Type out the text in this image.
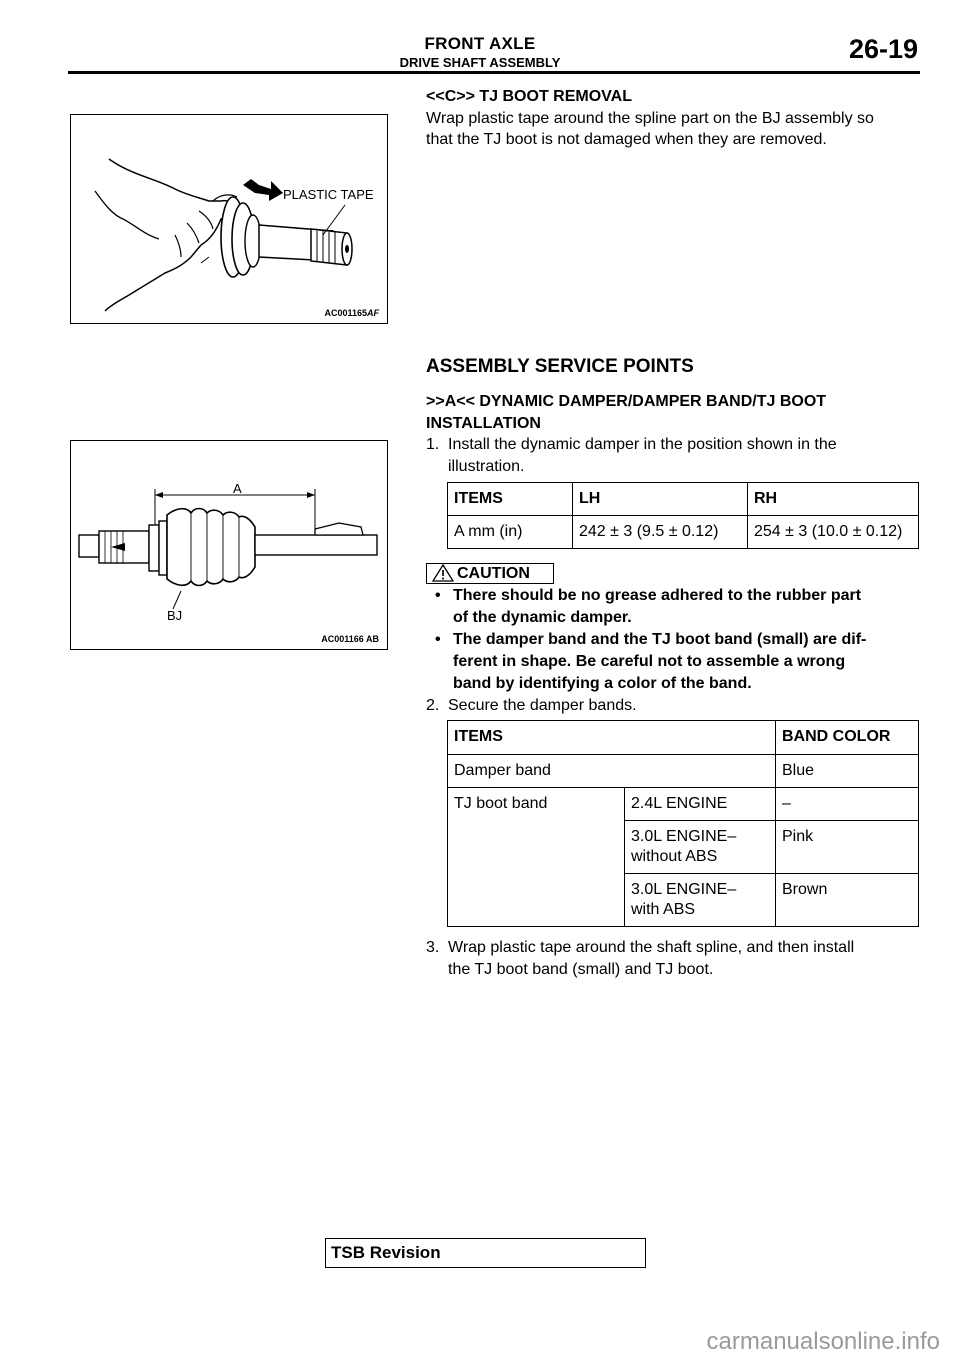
FRONT AXLE
DRIVE SHAFT ASSEMBLY	26-19
PLASTIC TAPE
AC001165AF
A
BJ
AC001166 AB
<<C>> TJ BOOT REMOVAL
Wrap plastic tape around the spline part on the BJ assembly so
that the TJ boot is not damaged when they are removed.
ASSEMBLY SERVICE POINTS
>>A<< DYNAMIC DAMPER/DAMPER BAND/TJ BOOT
INSTALLATION
1. Install the dynamic damper in the position shown in the
illustration.
ITEMS	LH	RH
A mm (in)	242 ± 3 (9.5 ± 0.12)	254 ± 3 (10.0 ± 0.12)
CAUTION
• There should be no grease adhered to the rubber part
of the dynamic damper.
• The damper band and the TJ boot band (small) are dif-
ferent in shape. Be careful not to assemble a wrong
band by identifying a color of the band.
2. Secure the damper bands.
ITEMS		BAND COLOR
Damper band		Blue
TJ boot band	2.4L ENGINE	–

	3.0L ENGINE–
without ABS	Pink

	3.0L ENGINE–
with ABS	Brown
3. Wrap plastic tape around the shaft spline, and then install
the TJ boot band (small) and TJ boot.
TSB Revision
carmanualsonline.info
